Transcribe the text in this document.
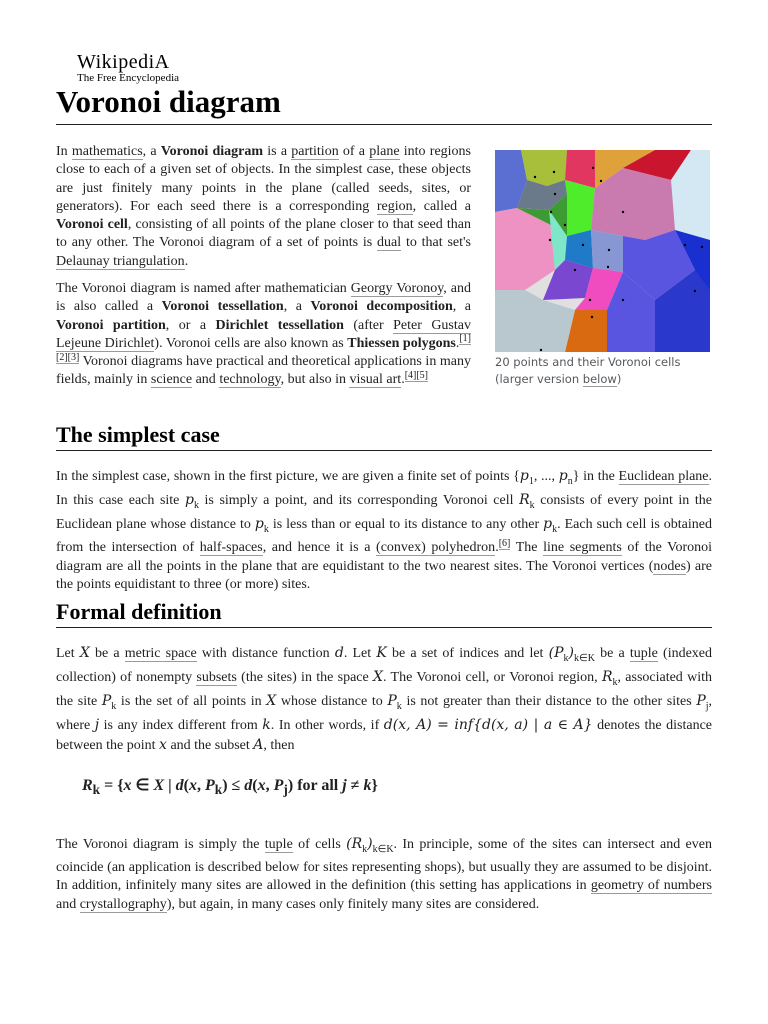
WikipediA
The Free Encyclopedia
Voronoi diagram

In mathematics, a Voronoi diagram is a partition of a plane into regions close to each of a given set of objects. In the simplest case, these objects are just finitely many points in the plane (called seeds, sites, or generators). For each seed there is a corresponding region, called a Voronoi cell, consisting of all points of the plane closer to that seed than to any other. The Voronoi diagram of a set of points is dual to that set's Delaunay triangulation.

The Voronoi diagram is named after mathematician Georgy Voronoy, and is also called a Voronoi tessellation, a Voronoi decomposition, a Voronoi partition, or a Dirichlet tessellation (after Peter Gustav Lejeune Dirichlet). Voronoi cells are also known as Thiessen polygons.[1][2][3] Voronoi diagrams have practical and theoretical applications in many fields, mainly in science and technology, but also in visual art.[4][5]

20 points and their Voronoi cells (larger version below)
The simplest case

In the simplest case, shown in the first picture, we are given a finite set of points {$p_1$, ..., $p_n$} in the Euclidean plane. In this case each site $p_k$ is simply a point, and its corresponding Voronoi cell $R_k$ consists of every point in the Euclidean plane whose distance to $p_k$ is less than or equal to its distance to any other $p_k$. Each such cell is obtained from the intersection of half-spaces, and hence it is a (convex) polyhedron.[6] The line segments of the Voronoi diagram are all the points in the plane that are equidistant to the two nearest sites. The Voronoi vertices (nodes) are the points equidistant to three (or more) sites.

Formal definition

Let X be a metric space with distance function d. Let K be a set of indices and let $(P_k)_{k\in K}$ be a tuple (indexed collection) of nonempty subsets (the sites) in the space X. The Voronoi cell, or Voronoi region, $R_k$, associated with the site $P_k$ is the set of all points in X whose distance to $P_k$ is not greater than their distance to the other sites $P_j$, where j is any index different from k. In other words, if d(x, A) = inf{d(x, a) | a ∈ A} denotes the distance between the point x and the subset A, then

$R_k = \{x$ ∈ X | d(x, $P_k) \le d(x$, $P_j$) for all j ≠ k}

The Voronoi diagram is simply the tuple of cells $(R_k)_{k\in K}$. In principle, some of the sites can intersect and even coincide (an application is described below for sites representing shops), but usually they are assumed to be disjoint. In addition, infinitely many sites are allowed in the definition (this setting has applications in geometry of numbers and crystallography), but again, in many cases only finitely many sites are considered.
